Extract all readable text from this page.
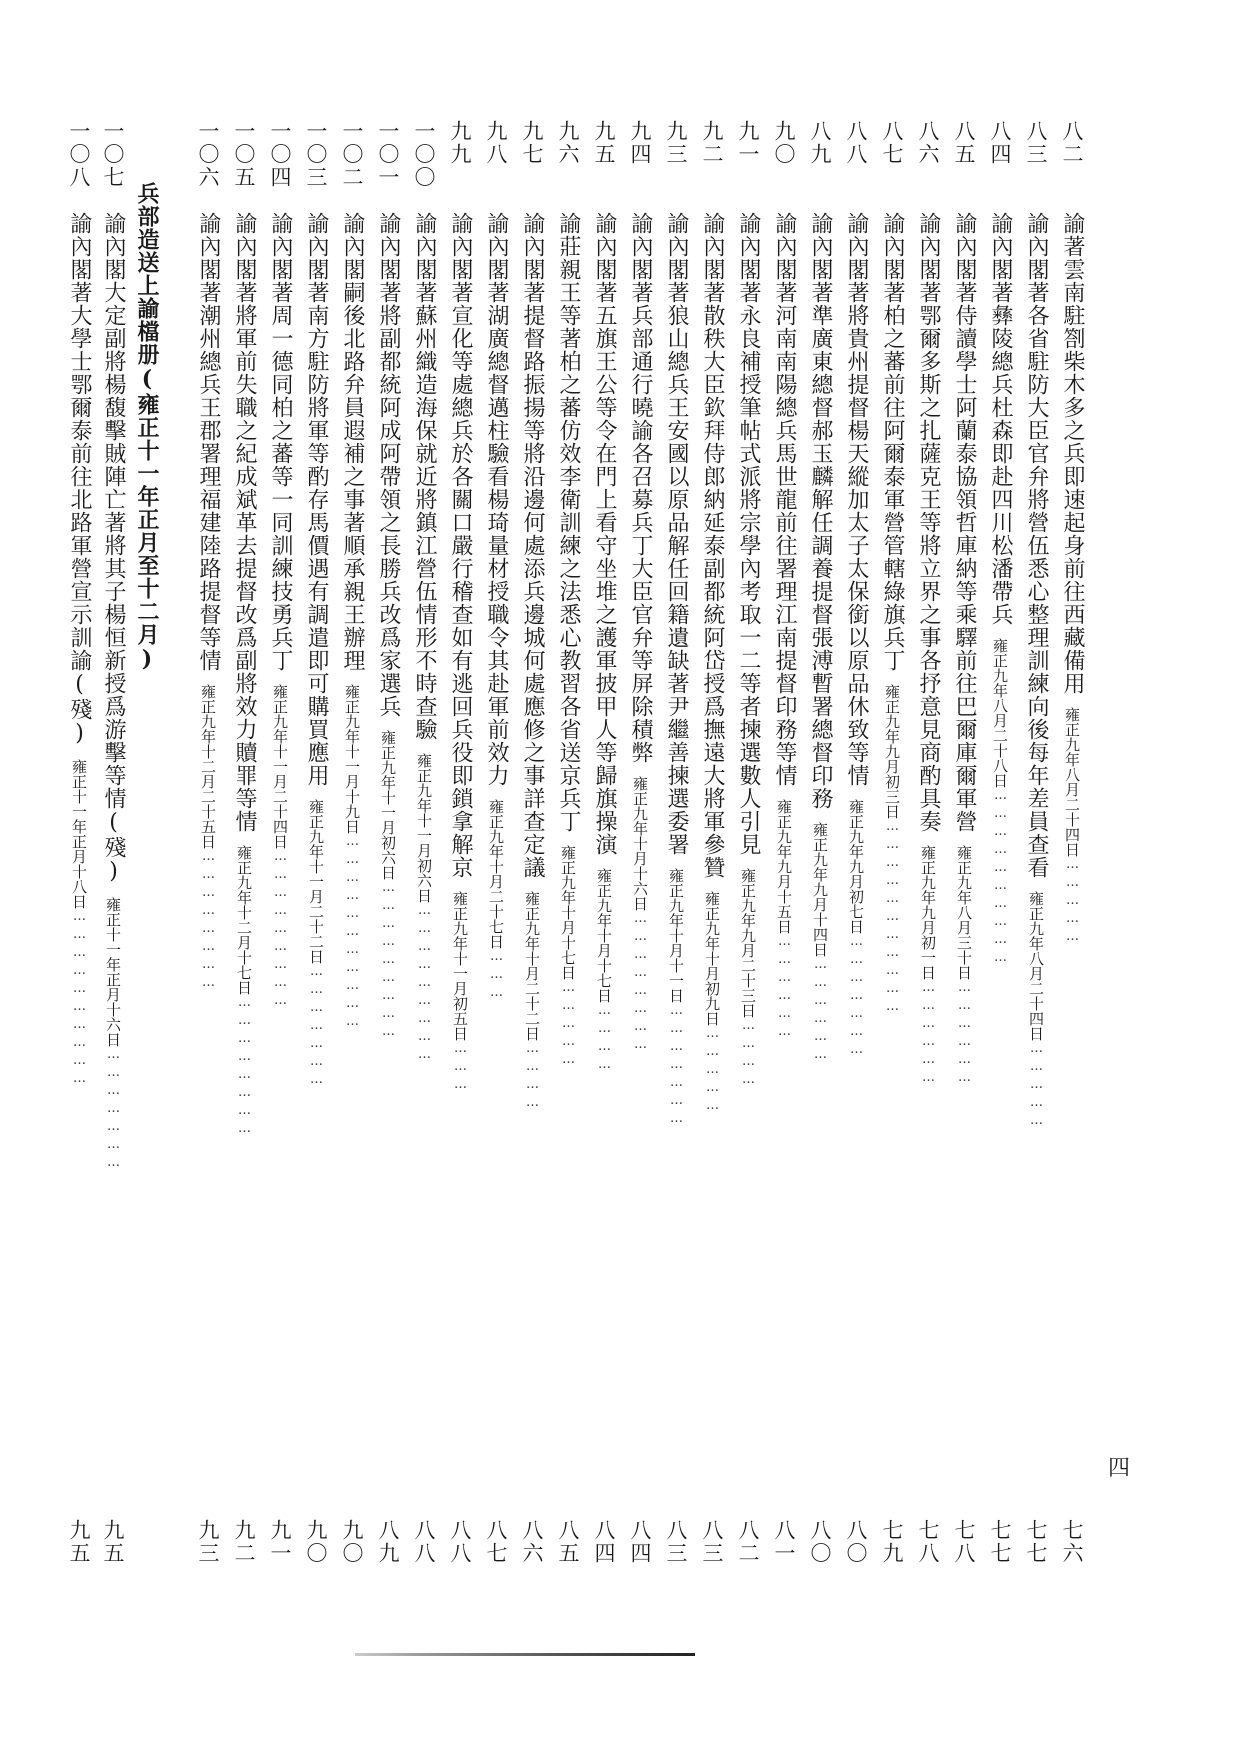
四
八二
諭著雲南駐劄柴木多之兵即速起身前往西藏備用雍正九年八月二十四日……………
七六
八三
諭內閣著各省駐防大臣官弁將營伍悉心整理訓練向後每年差員查看雍正九年八月二十四日……………
七七
八四
諭內閣著彝陵總兵杜森即赴四川松潘帶兵雍正九年八月二十八日…………………………
七七
八五
諭內閣著侍讀學士阿蘭泰協領哲庫納等乘驛前往巴爾庫爾軍營雍正九年八月三十日………………
七八
八六
諭內閣著鄂爾多斯之扎薩克王等將立界之事各抒意見商酌具奏雍正九年九月初一日………………
七八
八七
諭內閣著柏之蕃前往阿爾泰軍營管轄綠旗兵丁雍正九年九月初三日……………………………
七九
八八
諭內閣著將貴州提督楊天縱加太子太保銜以原品休致等情雍正九年九月初七日…………………
八〇
八九
諭內閣著準廣東總督郝玉麟解任調養提督張溥暫署總督印務雍正九年九月十四日………………
八〇
九〇
諭內閣著河南南陽總兵馬世龍前往署理江南提督印務等情雍正九年九月十五日………………
八一
九一
諭內閣著永良補授筆帖式派將宗學內考取一二等者揀選數人引見雍正九年九月二十三日…………
八二
九二
諭內閣著散秩大臣欽拜侍郎納延泰副都統阿岱授爲撫遠大將軍參贊雍正九年十月初九日……………
八三
九三
諭內閣著狼山總兵王安國以原品解任回籍遺缺著尹繼善揀選委署雍正九年十月十一日…………………
八三
九四
諭內閣著兵部通行曉諭各召募兵丁大臣官弁等屏除積弊雍正九年十月十六日……………………
八四
九五
諭內閣著五旗王公等令在門上看守坐堆之護軍披甲人等歸旗操演雍正九年十月十七日…………
八四
九六
諭莊親王等著柏之蕃仿效李衛訓練之法悉心教習各省送京兵丁雍正九年十月十七日……………
八五
九七
諭內閣著提督路振揚等將沿邊何處添兵邊城何處應修之事詳查定議雍正九年十月二十二日…………
八六
九八
諭內閣著湖廣總督邁柱驗看楊琦量材授職令其赴軍前效力雍正九年十月二十七日………
八七
九九
諭內閣著宣化等處總兵於各關口嚴行稽查如有逃回兵役即鎖拿解京雍正九年十一月初五日………
八八
一〇〇
諭內閣著蘇州織造海保就近將鎮江營伍情形不時查驗雍正九年十一月初六日………………………
八八
一〇一
諭內閣著將副都統阿成阿帶領之長勝兵改爲家選兵雍正九年十一月初六日………………………
八九
一〇二
諭內閣嗣後北路弁員遐補之事著順承親王辦理雍正九年十一月十九日……………………………
九〇
一〇三
諭內閣著南方駐防將軍等酌存馬價遇有調遣即可購買應用雍正九年十一月二十二日…………………
九〇
一〇四
諭內閣著周一德同柏之蕃等一同訓練技勇兵丁雍正九年十一月二十四日………………………
九一
一〇五
諭內閣著將軍前失職之紀成斌革去提督改爲副將效力贖罪等情雍正九年十二月十七日……………………
九二
一〇六
諭內閣著潮州總兵王郡署理福建陸路提督等情雍正九年十二月二十五日……………………
九三
兵部造送上諭檔册(雍正十一年正月至十二月)
一〇七
諭內閣大定副將楊馥擊賊陣亡著將其子楊恒新授爲游擊等情(殘)雍正十一年正月十六日…………………
九五
一〇八
諭內閣著大學士鄂爾泰前往北路軍營宣示訓諭(殘)雍正十一年正月十八日…………………………
九五
